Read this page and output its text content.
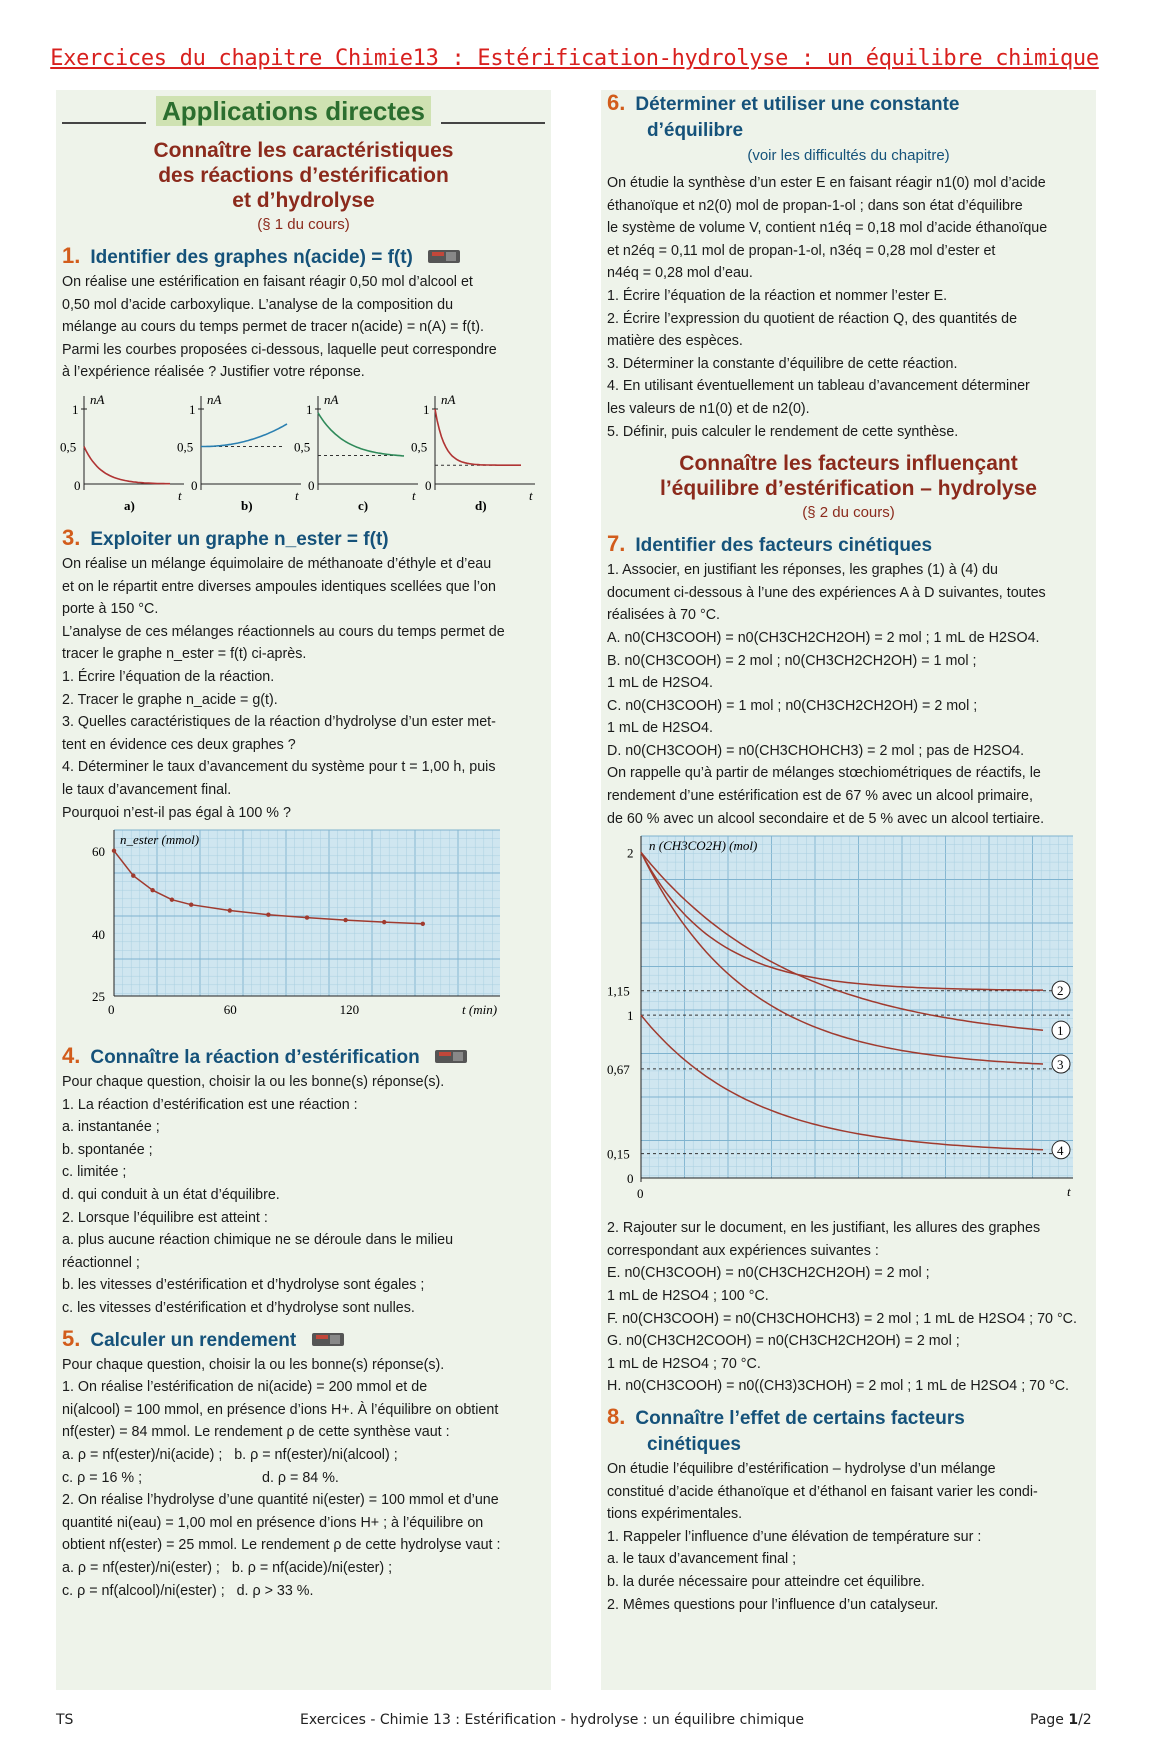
Exercices du chapitre Chimie13 : Estérification-hydrolyse : un équilibre chimique
Applications directes
Connaître les caractéristiques
des réactions d’estérification
et d’hydrolyse
(§ 1 du cours)
1. Identifier des graphes n(acide) = f(t)

On réalise une estérification en faisant réagir 0,50 mol d’alcool et

0,50 mol d’acide carboxylique. L’analyse de la composition du

mélange au cours du temps permet de tracer n(acide) = n(A) = f(t).

Parmi les courbes proposées ci-dessous, laquelle peut correspondre

à l’expérience réalisée ? Justifier votre réponse.

nA
t
1
0,5
0
a)
nA
t
1
0,5
0
b)
nA
t
1
0,5
0
c)
nA
t
1
0,5
0
d)
3. Exploiter un graphe n_ester = f(t)

On réalise un mélange équimolaire de méthanoate d’éthyle et d’eau

et on le répartit entre diverses ampoules identiques scellées que l’on

porte à 150 °C.

L’analyse de ces mélanges réactionnels au cours du temps permet de

tracer le graphe n_ester = f(t) ci-après.

1. Écrire l’équation de la réaction.

2. Tracer le graphe n_acide = g(t).

3. Quelles caractéristiques de la réaction d’hydrolyse d’un ester met-

tent en évidence ces deux graphes ?

4. Déterminer le taux d’avancement du système pour t = 1,00 h, puis

le taux d’avancement final.

Pourquoi n’est-il pas égal à 100 % ?

n_ester (mmol)
t (min)
25
40
60
0	60	120
4. Connaître la réaction d’estérification

Pour chaque question, choisir la ou les bonne(s) réponse(s).

1. La réaction d’estérification est une réaction :

a. instantanée ;

b. spontanée ;

c. limitée ;

d. qui conduit à un état d’équilibre.

2. Lorsque l’équilibre est atteint :

a. plus aucune réaction chimique ne se déroule dans le milieu

réactionnel ;

b. les vitesses d’estérification et d’hydrolyse sont égales ;

c. les vitesses d’estérification et d’hydrolyse sont nulles.

5. Calculer un rendement

Pour chaque question, choisir la ou les bonne(s) réponse(s).

1. On réalise l’estérification de ni(acide) = 200 mmol et de

ni(alcool) = 100 mmol, en présence d’ions H+. À l’équilibre on obtient

nf(ester) = 84 mmol. Le rendement ρ de cette synthèse vaut :

a. ρ = nf(ester)/ni(acide) ; b. ρ = nf(ester)/ni(alcool) ;

c. ρ = 16 % ;	d. ρ = 84 %.

2. On réalise l’hydrolyse d’une quantité ni(ester) = 100 mmol et d’une

quantité ni(eau) = 1,00 mol en présence d’ions H+ ; à l’équilibre on

obtient nf(ester) = 25 mmol. Le rendement ρ de cette hydrolyse vaut :

a. ρ = nf(ester)/ni(ester) ; b. ρ = nf(acide)/ni(ester) ;

c. ρ = nf(alcool)/ni(ester) ; d. ρ > 33 %.

6. Déterminer et utiliser une constante
d’équilibre
(voir les difficultés du chapitre)

On étudie la synthèse d’un ester E en faisant réagir n1(0) mol d’acide

éthanoïque et n2(0) mol de propan-1-ol ; dans son état d’équilibre

le système de volume V, contient n1éq = 0,18 mol d’acide éthanoïque

et n2éq = 0,11 mol de propan-1-ol, n3éq = 0,28 mol d’ester et

n4éq = 0,28 mol d’eau.

1. Écrire l’équation de la réaction et nommer l’ester E.

2. Écrire l’expression du quotient de réaction Q, des quantités de

matière des espèces.

3. Déterminer la constante d’équilibre de cette réaction.

4. En utilisant éventuellement un tableau d’avancement déterminer

les valeurs de n1(0) et de n2(0).

5. Définir, puis calculer le rendement de cette synthèse.

Connaître les facteurs influençant
l’équilibre d’estérification – hydrolyse
(§ 2 du cours)
7. Identifier des facteurs cinétiques

1. Associer, en justifiant les réponses, les graphes (1) à (4) du

document ci-dessous à l’une des expériences A à D suivantes, toutes

réalisées à 70 °C.

A. n0(CH3COOH) = n0(CH3CH2CH2OH) = 2 mol ; 1 mL de H2SO4.

B. n0(CH3COOH) = 2 mol ; n0(CH3CH2CH2OH) = 1 mol ;

1 mL de H2SO4.

C. n0(CH3COOH) = 1 mol ; n0(CH3CH2CH2OH) = 2 mol ;

1 mL de H2SO4.

D. n0(CH3COOH) = n0(CH3CHOHCH3) = 2 mol ; pas de H2SO4.

On rappelle qu’à partir de mélanges stœchiométriques de réactifs, le

rendement d’une estérification est de 67 % avec un alcool primaire,

de 60 % avec un alcool secondaire et de 5 % avec un alcool tertiaire.

n (CH3CO2H) (mol)
t
0
0,15
0,67
1
1,15
2
0
1
2
3
4

2. Rajouter sur le document, en les justifiant, les allures des graphes

correspondant aux expériences suivantes :

E. n0(CH3COOH) = n0(CH3CH2CH2OH) = 2 mol ;

1 mL de H2SO4 ; 100 °C.

F. n0(CH3COOH) = n0(CH3CHOHCH3) = 2 mol ; 1 mL de H2SO4 ; 70 °C.

G. n0(CH3CH2COOH) = n0(CH3CH2CH2OH) = 2 mol ;

1 mL de H2SO4 ; 70 °C.

H. n0(CH3COOH) = n0((CH3)3CHOH) = 2 mol ; 1 mL de H2SO4 ; 70 °C.

8. Connaître l’effet de certains facteurs
cinétiques

On étudie l’équilibre d’estérification – hydrolyse d’un mélange

constitué d’acide éthanoïque et d’éthanol en faisant varier les condi-

tions expérimentales.

1. Rappeler l’influence d’une élévation de température sur :

a. le taux d’avancement final ;

b. la durée nécessaire pour atteindre cet équilibre.

2. Mêmes questions pour l’influence d’un catalyseur.

TS	Exercices - Chimie 13 : Estérification - hydrolyse : un équilibre chimique	Page 1/2
